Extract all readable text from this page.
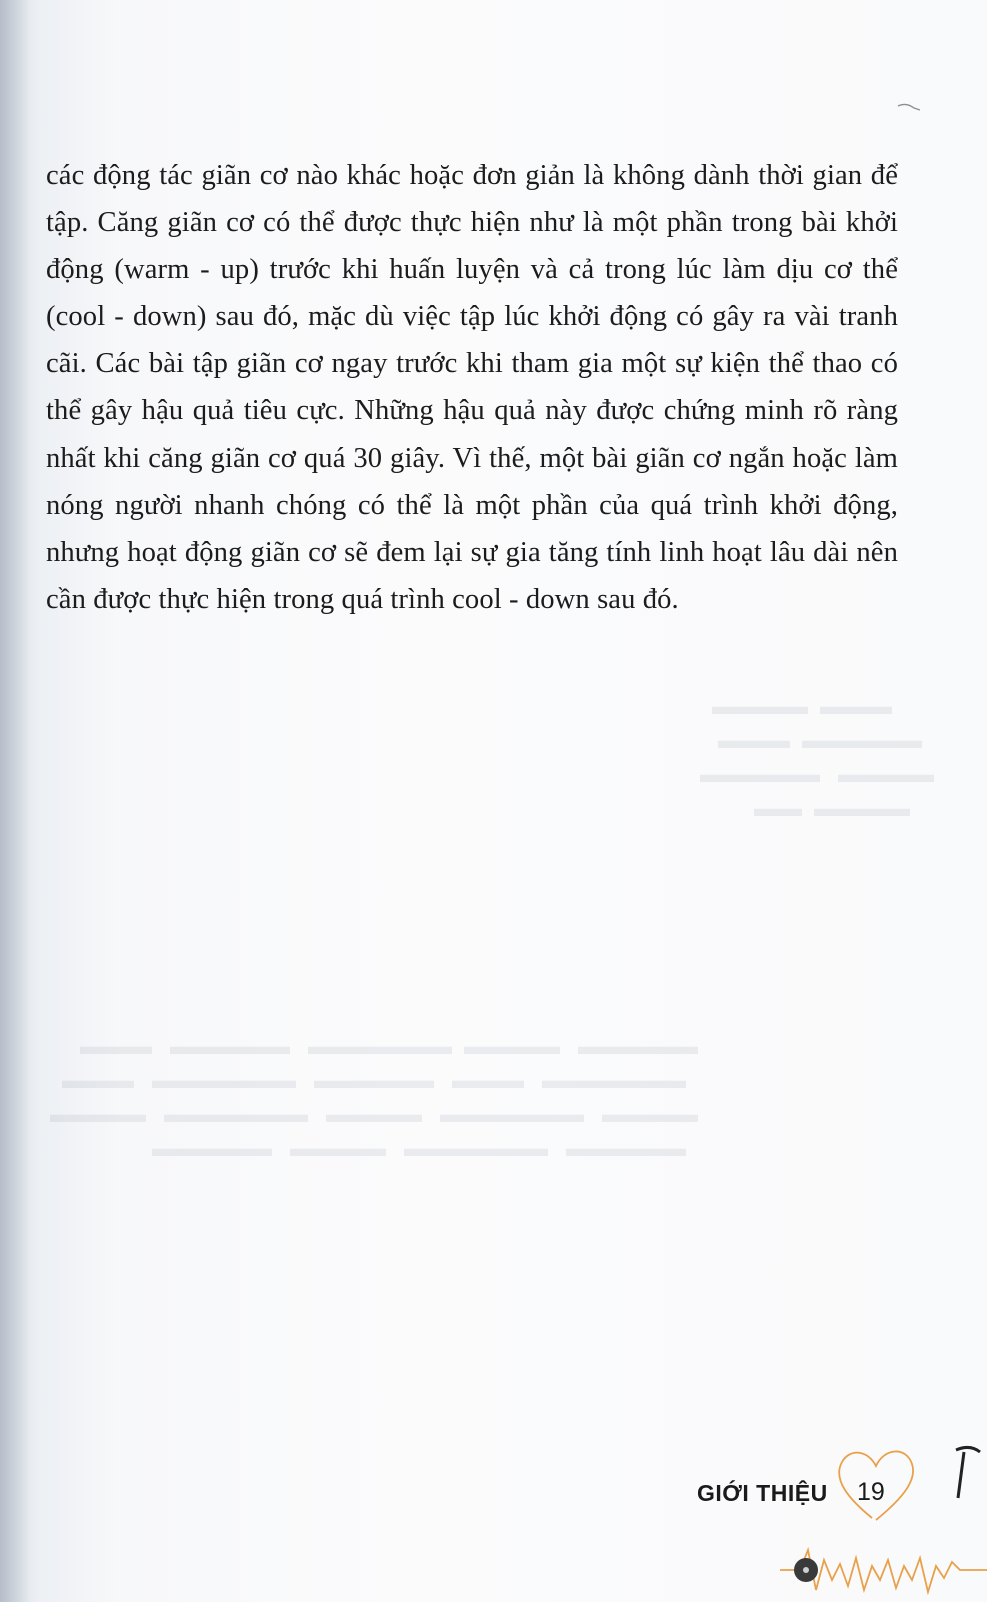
▬▬▬  ▬▬▬▬
▬▬▬▬▬  ▬▬▬
▬▬▬▬   ▬▬▬▬▬
▬▬▬▬  ▬▬
▬▬▬▬▬   ▬▬▬▬  ▬▬▬▬▬▬   ▬▬▬▬▬   ▬▬▬
▬▬▬▬▬▬   ▬▬▬   ▬▬▬▬▬   ▬▬▬▬▬▬   ▬▬▬
▬▬▬▬   ▬▬▬▬▬▬   ▬▬▬▬   ▬▬▬▬▬▬   ▬▬▬▬
▬▬▬▬▬   ▬▬▬▬▬▬   ▬▬▬▬   ▬▬▬▬▬

các động tác giãn cơ nào khác hoặc đơn giản là không dành thời gian để tập. Căng giãn cơ có thể được thực hiện như là một phần trong bài khởi động (warm - up) trước khi huấn luyện và cả trong lúc làm dịu cơ thể (cool - down) sau đó, mặc dù việc tập lúc khởi động có gây ra vài tranh cãi. Các bài tập giãn cơ ngay trước khi tham gia một sự kiện thể thao có thể gây hậu quả tiêu cực. Những hậu quả này được chứng minh rõ ràng nhất khi căng giãn cơ quá 30 giây. Vì thế, một bài giãn cơ ngắn hoặc làm nóng người nhanh chóng có thể là một phần của quá trình khởi động, nhưng hoạt động giãn cơ sẽ đem lại sự gia tăng tính linh hoạt lâu dài nên cần được thực hiện trong quá trình cool - down sau đó.

GIỚI THIỆU 19
